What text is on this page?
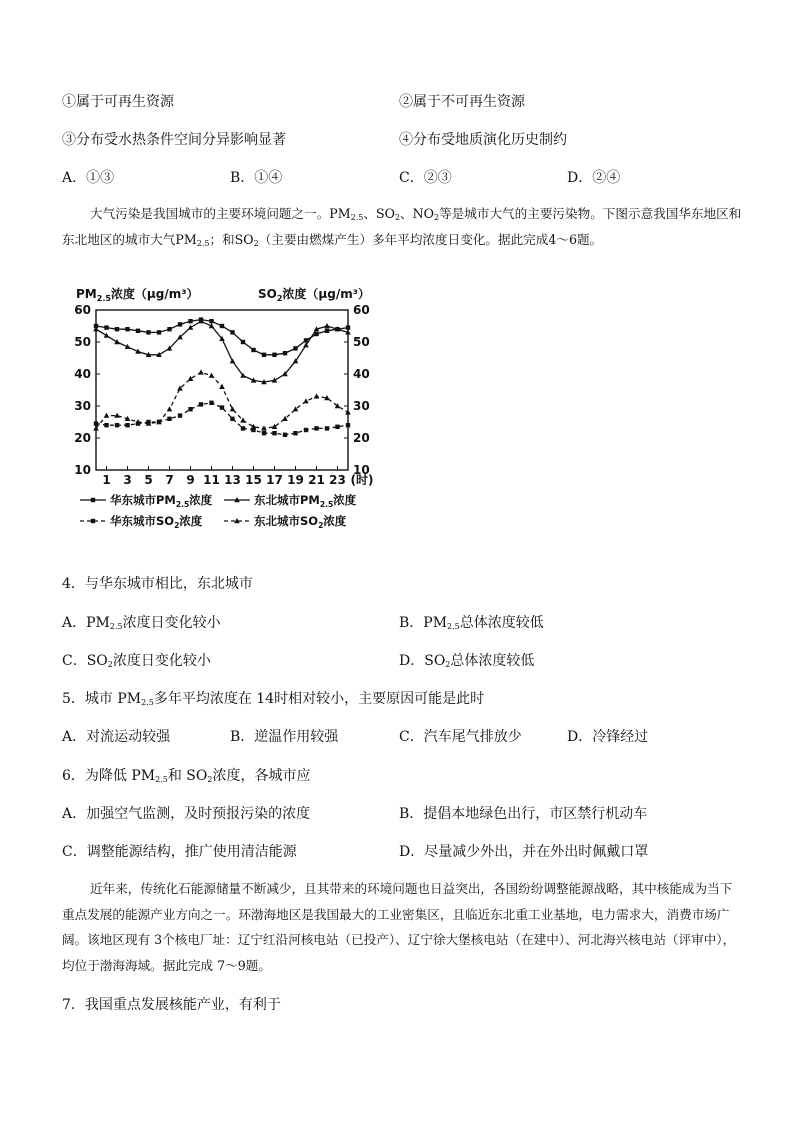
①属于可再生资源	②属于不可再生资源
③分布受水热条件空间分异影响显著	④分布受地质演化历史制约
A．①③	B．①④	C．②③	D．②④
大气污染是我国城市的主要环境问题之一。$PM_{2.5}$、$SO_2$、$NO_2$等是城市大气的主要污染物。下图示意我国华东地区和东北地区的城市大气$PM_{2.5}$；和$SO_2$（主要由燃煤产生）多年平均浓度日变化。据此完成4～6题。
10	10
20	20
30	30
40	40
50	50
60	60
1 3 5 7 9 11 13 15 17 19 21 23 (时)
$PM_{2.5}$浓度（μg/m³）	$SO_2$浓度（μg/m³）
华东城市$PM_{2.5}$浓度	东北城市$PM_{2.5}$浓度
华东城市$SO_2$浓度	东北城市$SO_2$浓度
4．与华东城市相比，东北城市
A．$PM_{2.5}$浓度日变化较小	B．$PM_{2.5}$总体浓度较低
C．$SO_2$浓度日变化较小	D．$SO_2$总体浓度较低
5．城市 $PM_{2.5}$多年平均浓度在 14时相对较小，主要原因可能是此时
A．对流运动较强	B．逆温作用较强	C．汽车尾气排放少	D．冷锋经过
6．为降低 $PM_{2.5}$和 $SO_2$浓度，各城市应
A．加强空气监测，及时预报污染的浓度	B．提倡本地绿色出行，市区禁行机动车
C．调整能源结构，推广使用清洁能源	D．尽量减少外出，并在外出时佩戴口罩
近年来，传统化石能源储量不断减少，且其带来的环境问题也日益突出，各国纷纷调整能源战略，其中核能成为当下重点发展的能源产业方向之一。环渤海地区是我国最大的工业密集区，且临近东北重工业基地，电力需求大，消费市场广阔。该地区现有 3个核电厂址：辽宁红沿河核电站（已投产）、辽宁徐大堡核电站（在建中）、河北海兴核电站（评审中），均位于渤海海域。据此完成 7～9题。
7．我国重点发展核能产业，有利于
